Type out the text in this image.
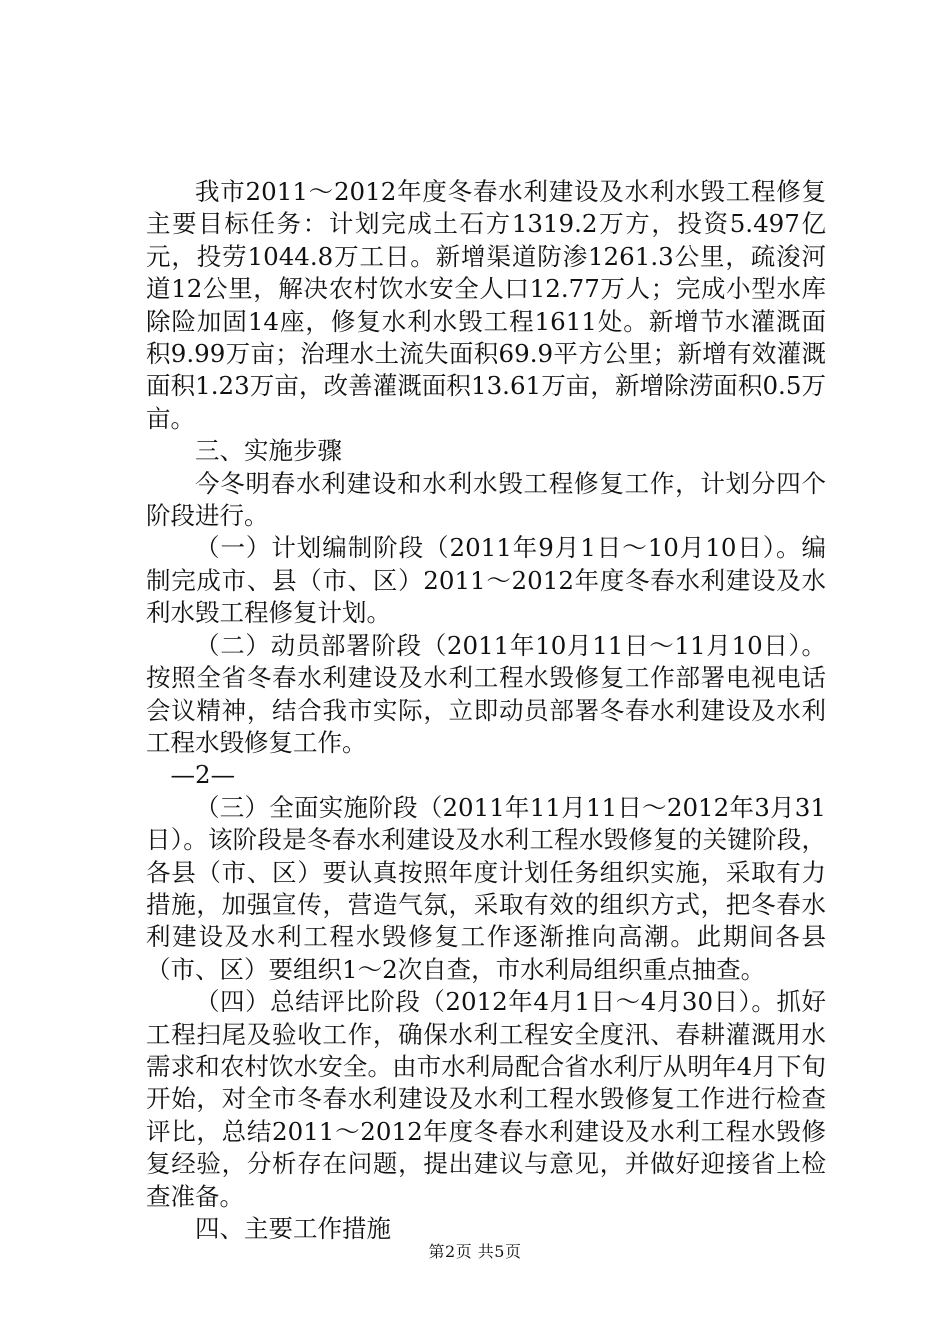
我市2011～2012年度冬春水利建设及水利水毁工程修复主要目标任务：计划完成土石方1319.2万方，投资5.497亿元，投劳1044.8万工日。新增渠道防渗1261.3公里，疏浚河道12公里，解决农村饮水安全人口12.77万人；完成小型水库除险加固14座，修复水利水毁工程1611处。新增节水灌溉面积9.99万亩；治理水土流失面积69.9平方公里；新增有效灌溉面积1.23万亩，改善灌溉面积13.61万亩，新增除涝面积0.5万亩。

三、实施步骤

今冬明春水利建设和水利水毁工程修复工作，计划分四个阶段进行。

（一）计划编制阶段（2011年9月1日～10月10日）。编制完成市、县（市、区）2011～2012年度冬春水利建设及水利水毁工程修复计划。

（二）动员部署阶段（2011年10月11日～11月10日）。按照全省冬春水利建设及水利工程水毁修复工作部署电视电话会议精神，结合我市实际，立即动员部署冬春水利建设及水利工程水毁修复工作。

—2—

（三）全面实施阶段（2011年11月11日～2012年3月31日）。该阶段是冬春水利建设及水利工程水毁修复的关键阶段，各县（市、区）要认真按照年度计划任务组织实施，采取有力措施，加强宣传，营造气氛，采取有效的组织方式，把冬春水利建设及水利工程水毁修复工作逐渐推向高潮。此期间各县（市、区）要组织1～2次自查，市水利局组织重点抽查。

（四）总结评比阶段（2012年4月1日～4月30日）。抓好工程扫尾及验收工作，确保水利工程安全度汛、春耕灌溉用水需求和农村饮水安全。由市水利局配合省水利厅从明年4月下旬开始，对全市冬春水利建设及水利工程水毁修复工作进行检查评比，总结2011～2012年度冬春水利建设及水利工程水毁修复经验，分析存在问题，提出建议与意见，并做好迎接省上检查准备。

四、主要工作措施

第2页 共5页
